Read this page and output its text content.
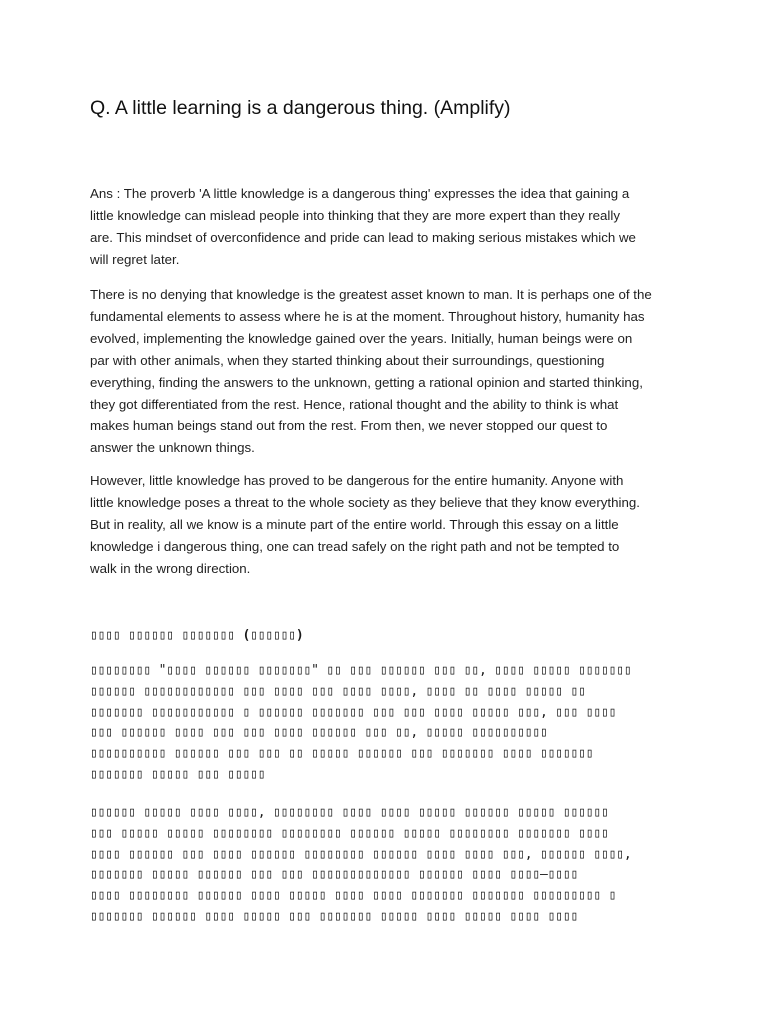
Q. A little learning is a dangerous thing. (Amplify)

Ans : The proverb 'A little knowledge is a dangerous thing' expresses the idea that gaining a
little knowledge can mislead people into thinking that they are more expert than they really
are. This mindset of overconfidence and pride can lead to making serious mistakes which we
will regret later.

There is no denying that knowledge is the greatest asset known to man. It is perhaps one of the
fundamental elements to assess where he is at the moment. Throughout history, humanity has
evolved, implementing the knowledge gained over the years. Initially, human beings were on
par with other animals, when they started thinking about their surroundings, questioning
everything, finding the answers to the unknown, getting a rational opinion and started thinking,
they got differentiated from the rest. Hence, rational thought and the ability to think is what
makes human beings stand out from the rest. From then, we never stopped our quest to
answer the unknown things.

However, little knowledge has proved to be dangerous for the entire humanity. Anyone with
little knowledge poses a threat to the whole society as they believe that they know everything.
But in reality, all we know is a minute part of the entire world. Through this essay on a little
knowledge i dangerous thing, one can tread safely on the right path and not be tempted to
walk in the wrong direction.

▯▯▯▯ ▯▯▯▯▯▯ ▯▯▯▯▯▯▯ (▯▯▯▯▯▯)

▯▯▯▯▯▯▯▯ "▯▯▯▯ ▯▯▯▯▯▯ ▯▯▯▯▯▯▯" ▯▯ ▯▯▯ ▯▯▯▯▯▯ ▯▯▯ ▯▯, ▯▯▯▯ ▯▯▯▯▯ ▯▯▯▯▯▯▯
▯▯▯▯▯▯ ▯▯▯▯▯▯▯▯▯▯▯▯ ▯▯▯ ▯▯▯▯ ▯▯▯ ▯▯▯▯ ▯▯▯▯, ▯▯▯▯ ▯▯ ▯▯▯▯ ▯▯▯▯▯ ▯▯
▯▯▯▯▯▯▯ ▯▯▯▯▯▯▯▯▯▯▯ ▯ ▯▯▯▯▯▯ ▯▯▯▯▯▯▯ ▯▯▯ ▯▯▯ ▯▯▯▯ ▯▯▯▯▯ ▯▯▯, ▯▯▯ ▯▯▯▯
▯▯▯ ▯▯▯▯▯▯ ▯▯▯▯ ▯▯▯ ▯▯▯ ▯▯▯▯ ▯▯▯▯▯▯ ▯▯▯ ▯▯, ▯▯▯▯▯ ▯▯▯▯▯▯▯▯▯▯
▯▯▯▯▯▯▯▯▯▯ ▯▯▯▯▯▯ ▯▯▯ ▯▯▯ ▯▯ ▯▯▯▯▯ ▯▯▯▯▯▯ ▯▯▯ ▯▯▯▯▯▯▯ ▯▯▯▯ ▯▯▯▯▯▯▯
▯▯▯▯▯▯▯ ▯▯▯▯▯ ▯▯▯ ▯▯▯▯▯

▯▯▯▯▯▯ ▯▯▯▯▯ ▯▯▯▯ ▯▯▯▯, ▯▯▯▯▯▯▯▯ ▯▯▯▯ ▯▯▯▯ ▯▯▯▯▯ ▯▯▯▯▯▯ ▯▯▯▯▯ ▯▯▯▯▯▯
▯▯▯ ▯▯▯▯▯ ▯▯▯▯▯ ▯▯▯▯▯▯▯▯ ▯▯▯▯▯▯▯▯ ▯▯▯▯▯▯ ▯▯▯▯▯ ▯▯▯▯▯▯▯▯ ▯▯▯▯▯▯▯ ▯▯▯▯
▯▯▯▯ ▯▯▯▯▯▯ ▯▯▯ ▯▯▯▯ ▯▯▯▯▯▯ ▯▯▯▯▯▯▯▯ ▯▯▯▯▯▯ ▯▯▯▯ ▯▯▯▯ ▯▯▯, ▯▯▯▯▯▯ ▯▯▯▯,
▯▯▯▯▯▯▯ ▯▯▯▯▯ ▯▯▯▯▯▯ ▯▯▯ ▯▯▯ ▯▯▯▯▯▯▯▯▯▯▯▯▯ ▯▯▯▯▯▯ ▯▯▯▯ ▯▯▯▯—▯▯▯▯
▯▯▯▯ ▯▯▯▯▯▯▯▯ ▯▯▯▯▯▯ ▯▯▯▯ ▯▯▯▯▯ ▯▯▯▯ ▯▯▯▯ ▯▯▯▯▯▯▯ ▯▯▯▯▯▯▯ ▯▯▯▯▯▯▯▯▯ ▯
▯▯▯▯▯▯▯ ▯▯▯▯▯▯ ▯▯▯▯ ▯▯▯▯▯ ▯▯▯ ▯▯▯▯▯▯▯ ▯▯▯▯▯ ▯▯▯▯ ▯▯▯▯▯ ▯▯▯▯ ▯▯▯▯
